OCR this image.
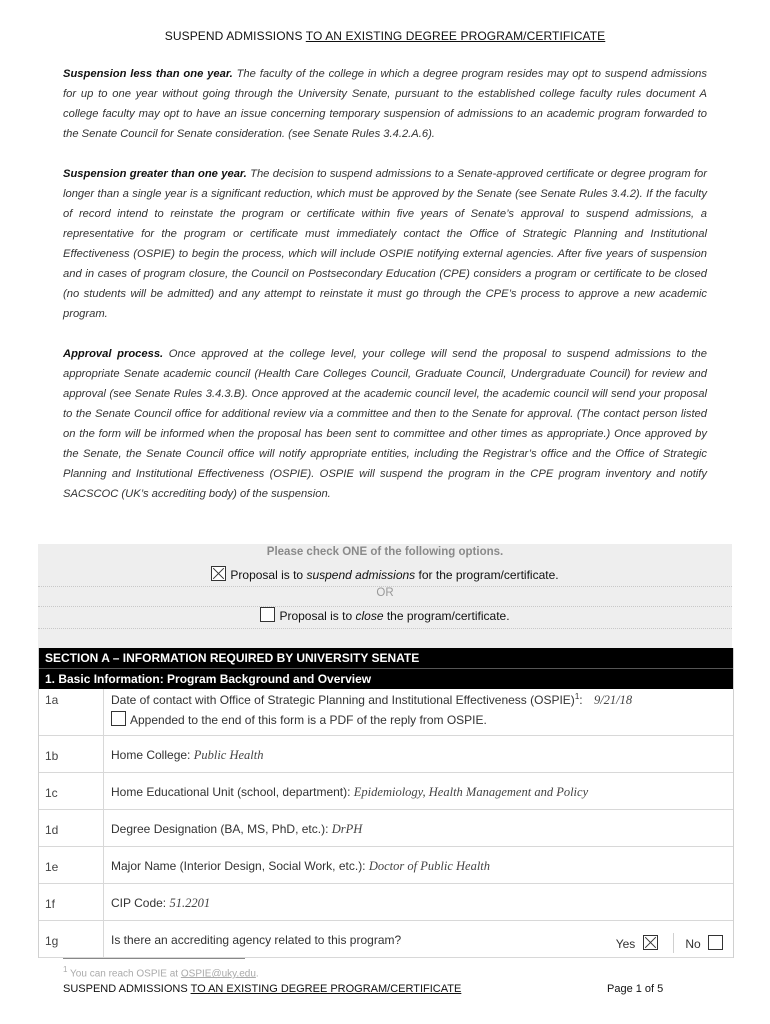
SUSPEND ADMISSIONS TO AN EXISTING DEGREE PROGRAM/CERTIFICATE

Suspension less than one year. The faculty of the college in which a degree program resides may opt to suspend admissions for up to one year without going through the University Senate, pursuant to the established college faculty rules document A college faculty may opt to have an issue concerning temporary suspension of admissions to an academic program forwarded to the Senate Council for Senate consideration. (see Senate Rules 3.4.2.A.6).

Suspension greater than one year. The decision to suspend admissions to a Senate-approved certificate or degree program for longer than a single year is a significant reduction, which must be approved by the Senate (see Senate Rules 3.4.2). If the faculty of record intend to reinstate the program or certificate within five years of Senate’s approval to suspend admissions, a representative for the program or certificate must immediately contact the Office of Strategic Planning and Institutional Effectiveness (OSPIE) to begin the process, which will include OSPIE notifying external agencies. After five years of suspension and in cases of program closure, the Council on Postsecondary Education (CPE) considers a program or certificate to be closed (no students will be admitted) and any attempt to reinstate it must go through the CPE’s process to approve a new academic program.

Approval process. Once approved at the college level, your college will send the proposal to suspend admissions to the appropriate Senate academic council (Health Care Colleges Council, Graduate Council, Undergraduate Council) for review and approval (see Senate Rules 3.4.3.B). Once approved at the academic council level, the academic council will send your proposal to the Senate Council office for additional review via a committee and then to the Senate for approval. (The contact person listed on the form will be informed when the proposal has been sent to committee and other times as appropriate.) Once approved by the Senate, the Senate Council office will notify appropriate entities, including the Registrar’s office and the Office of Strategic Planning and Institutional Effectiveness (OSPIE). OSPIE will suspend the program in the CPE program inventory and notify SACSCOC (UK’s accrediting body) of the suspension.

Please check ONE of the following options.
Proposal is to suspend admissions for the program/certificate.
OR
Proposal is to close the program/certificate.
SECTION A – INFORMATION REQUIRED BY UNIVERSITY SENATE
1. Basic Information: Program Background and Overview
1a	Date of contact with Office of Strategic Planning and Institutional Effectiveness (OSPIE)$^1$: 9/21/18
Appended to the end of this form is a PDF of the reply from OSPIE.
1b	Home College: Public Health
1c	Home Educational Unit (school, department): Epidemiology, Health Management and Policy
1d	Degree Designation (BA, MS, PhD, etc.): DrPH
1e	Major Name (Interior Design, Social Work, etc.): Doctor of Public Health
1f	CIP Code: 51.2201
1g	Is there an accrediting agency related to this program?	Yes	No
$^1$ You can reach OSPIE at OSPIE@uky.edu.
SUSPEND ADMISSIONS TO AN EXISTING DEGREE PROGRAM/CERTIFICATE	Page 1 of 5
